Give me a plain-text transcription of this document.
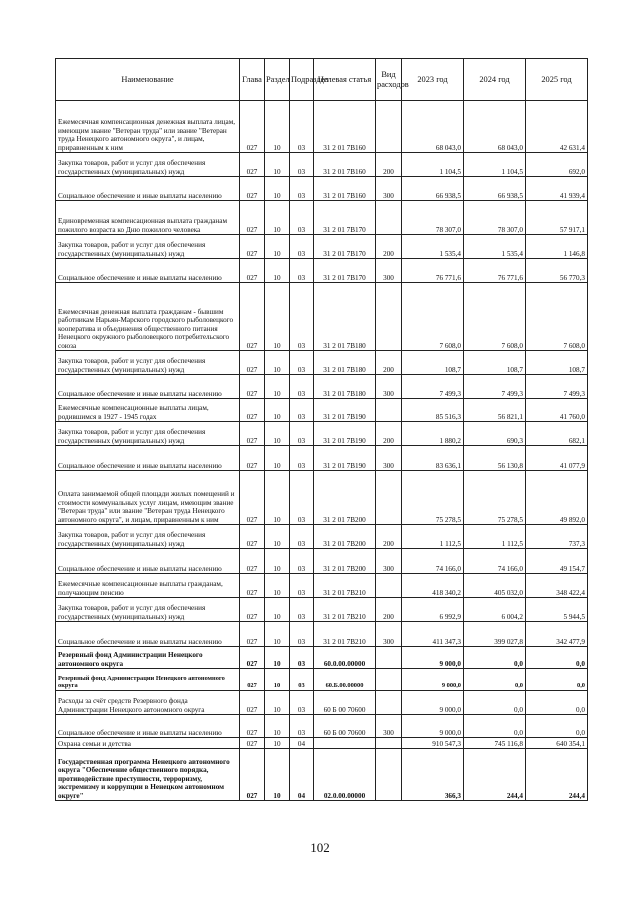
Наименование	Глава	Раздел	Подраздел	Целевая статья	Вид расходов	2023 год	2024 год	2025 год
Ежемесячная компенсационная денежная выплата лицам, имеющим звание "Ветеран труда" или звание "Ветеран труда Ненецкого автономного округа", и лицам, приравненным к ним	027	10	03	31 2 01 7В160		68 043,0	68 043,0	42 631,4
Закупка товаров, работ и услуг для обеспечения государственных (муниципальных) нужд	027	10	03	31 2 01 7В160	200	1 104,5	1 104,5	692,0
Социальное обеспечение и иные выплаты населению	027	10	03	31 2 01 7В160	300	66 938,5	66 938,5	41 939,4
Единовременная компенсационная выплата гражданам пожилого возраста ко Дню пожилого человека	027	10	03	31 2 01 7В170		78 307,0	78 307,0	57 917,1
Закупка товаров, работ и услуг для обеспечения государственных (муниципальных) нужд	027	10	03	31 2 01 7В170	200	1 535,4	1 535,4	1 146,8
Социальное обеспечение и иные выплаты населению	027	10	03	31 2 01 7В170	300	76 771,6	76 771,6	56 770,3
Ежемесячная денежная выплата гражданам - бывшим работникам Нарьян-Марского городского рыболовецкого кооператива и объединения общественного питания Ненецкого окружного рыболовецкого потребительского союза	027	10	03	31 2 01 7В180		7 608,0	7 608,0	7 608,0
Закупка товаров, работ и услуг для обеспечения государственных (муниципальных) нужд	027	10	03	31 2 01 7В180	200	108,7	108,7	108,7
Социальное обеспечение и иные выплаты населению	027	10	03	31 2 01 7В180	300	7 499,3	7 499,3	7 499,3
Ежемесячные компенсационные выплаты лицам, родившимся в 1927 - 1945 годах	027	10	03	31 2 01 7В190		85 516,3	56 821,1	41 760,0
Закупка товаров, работ и услуг для обеспечения государственных (муниципальных) нужд	027	10	03	31 2 01 7В190	200	1 880,2	690,3	682,1
Социальное обеспечение и иные выплаты населению	027	10	03	31 2 01 7В190	300	83 636,1	56 130,8	41 077,9
Оплата занимаемой общей площади жилых помещений и стоимости коммунальных услуг лицам, имеющим звание "Ветеран труда" или звание "Ветеран труда Ненецкого автономного округа", и лицам, приравненным к ним	027	10	03	31 2 01 7В200		75 278,5	75 278,5	49 892,0
Закупка товаров, работ и услуг для обеспечения государственных (муниципальных) нужд	027	10	03	31 2 01 7В200	200	1 112,5	1 112,5	737,3
Социальное обеспечение и иные выплаты населению	027	10	03	31 2 01 7В200	300	74 166,0	74 166,0	49 154,7
Ежемесячные компенсационные выплаты гражданам, получающим пенсию	027	10	03	31 2 01 7В210		418 340,2	405 032,0	348 422,4
Закупка товаров, работ и услуг для обеспечения государственных (муниципальных) нужд	027	10	03	31 2 01 7В210	200	6 992,9	6 004,2	5 944,5
Социальное обеспечение и иные выплаты населению	027	10	03	31 2 01 7В210	300	411 347,3	399 027,8	342 477,9
Резервный фонд Администрации Ненецкого автономного округа	027	10	03	60.0.00.00000		9 000,0	0,0	0,0
Резервный фонд Администрации Ненецкого автономного округа	027	10	03	60.Б.00.00000		9 000,0	0,0	0,0
Расходы за счёт средств Резервного фонда Администрации Ненецкого автономного округа	027	10	03	60 Б 00 70600		9 000,0	0,0	0,0
Социальное обеспечение и иные выплаты населению	027	10	03	60 Б 00 70600	300	9 000,0	0,0	0,0
Охрана семьи и детства	027	10	04			910 547,3	745 116,8	640 354,1
Государственная программа Ненецкого автономного округа "Обеспечение общественного порядка, противодействие преступности, терроризму, экстремизму и коррупции в Ненецком автономном округе"	027	10	04	02.0.00.00000		366,3	244,4	244,4
102
